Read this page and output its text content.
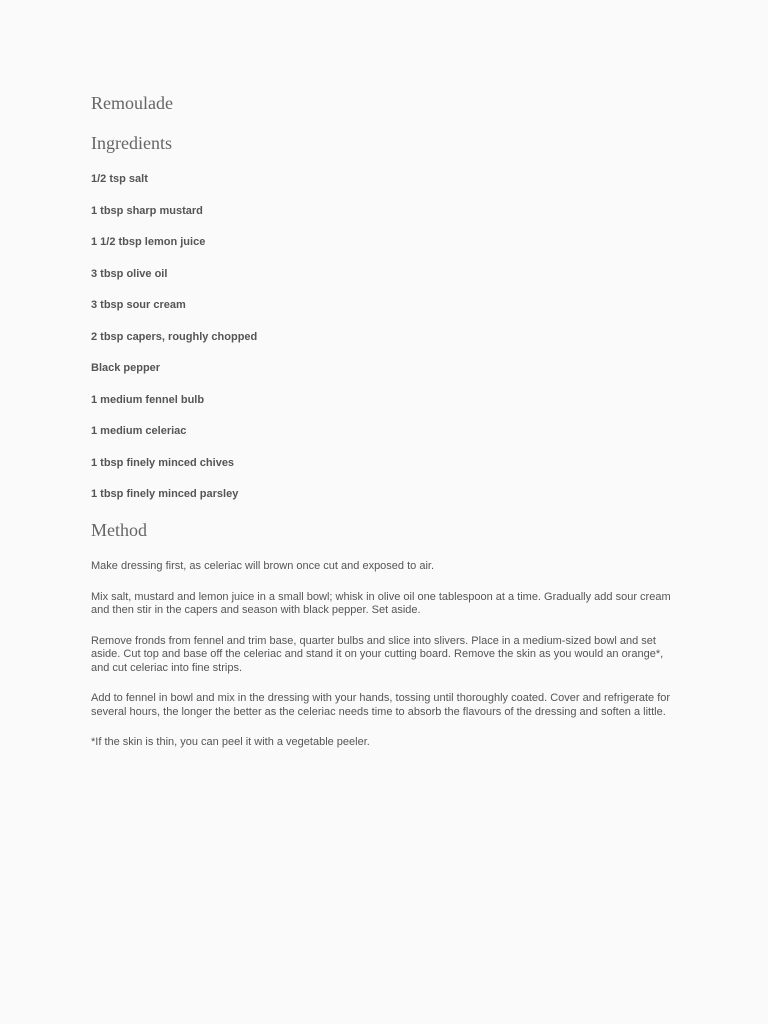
Remoulade
Ingredients
1/2 tsp salt
1 tbsp sharp mustard
1 1/2 tbsp lemon juice
3 tbsp olive oil
3 tbsp sour cream
2 tbsp capers, roughly chopped
Black pepper
1 medium fennel bulb
1 medium celeriac
1 tbsp finely minced chives
1 tbsp finely minced parsley
Method

Make dressing first, as celeriac will brown once cut and exposed to air.

Mix salt, mustard and lemon juice in a small bowl; whisk in olive oil one tablespoon at a time. Gradually add sour cream and then stir in the capers and season with black pepper. Set aside.

Remove fronds from fennel and trim base, quarter bulbs and slice into slivers. Place in a medium-sized bowl and set aside. Cut top and base off the celeriac and stand it on your cutting board. Remove the skin as you would an orange*, and cut celeriac into fine strips.

Add to fennel in bowl and mix in the dressing with your hands, tossing until thoroughly coated. Cover and refrigerate for several hours, the longer the better as the celeriac needs time to absorb the flavours of the dressing and soften a little.

*If the skin is thin, you can peel it with a vegetable peeler.
